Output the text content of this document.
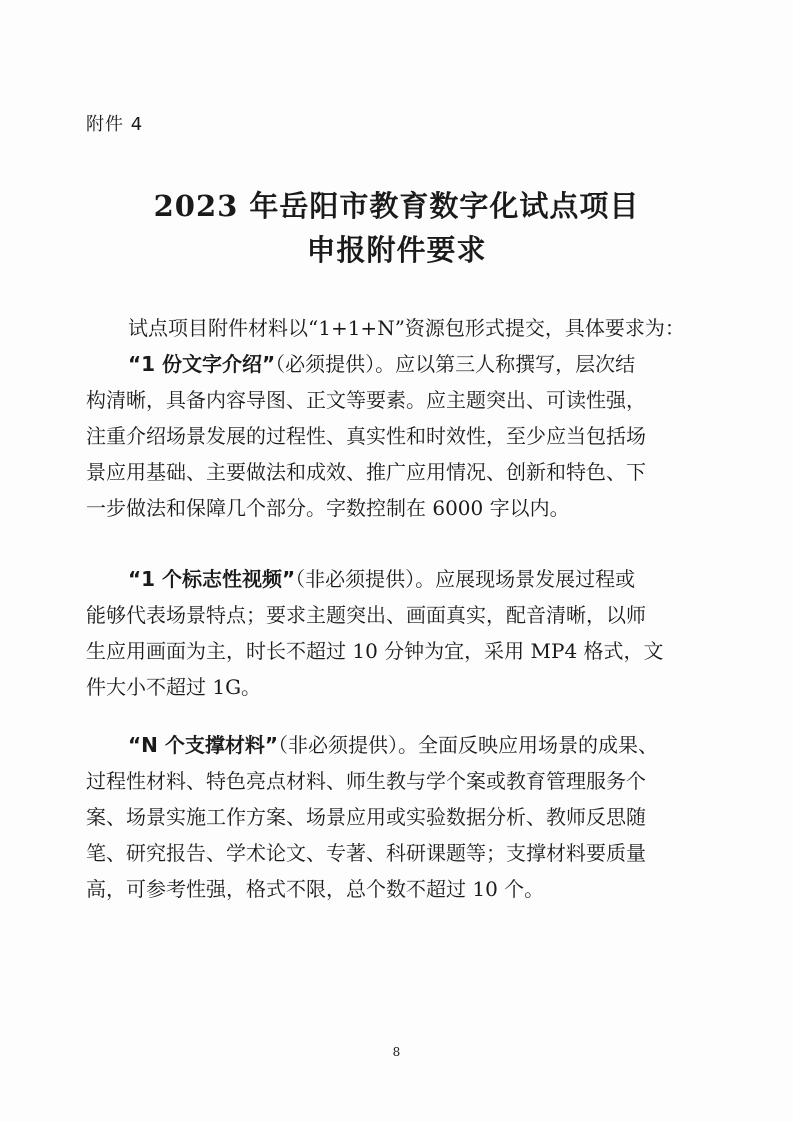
附件 4
2023 年岳阳市教育数字化试点项目
申报附件要求
试点项目附件材料以“1+1+N”资源包形式提交，具体要求为：
“1 份文字介绍”（必须提供）。应以第三人称撰写，层次结
构清晰，具备内容导图、正文等要素。应主题突出、可读性强，
注重介绍场景发展的过程性、真实性和时效性，至少应当包括场
景应用基础、主要做法和成效、推广应用情况、创新和特色、下
一步做法和保障几个部分。字数控制在 6000 字以内。
“1 个标志性视频”（非必须提供）。应展现场景发展过程或
能够代表场景特点；要求主题突出、画面真实，配音清晰，以师
生应用画面为主，时长不超过 10 分钟为宜，采用 MP4 格式，文
件大小不超过 1G。
“N 个支撑材料”（非必须提供）。全面反映应用场景的成果、
过程性材料、特色亮点材料、师生教与学个案或教育管理服务个
案、场景实施工作方案、场景应用或实验数据分析、教师反思随
笔、研究报告、学术论文、专著、科研课题等；支撑材料要质量
高，可参考性强，格式不限，总个数不超过 10 个。
8
